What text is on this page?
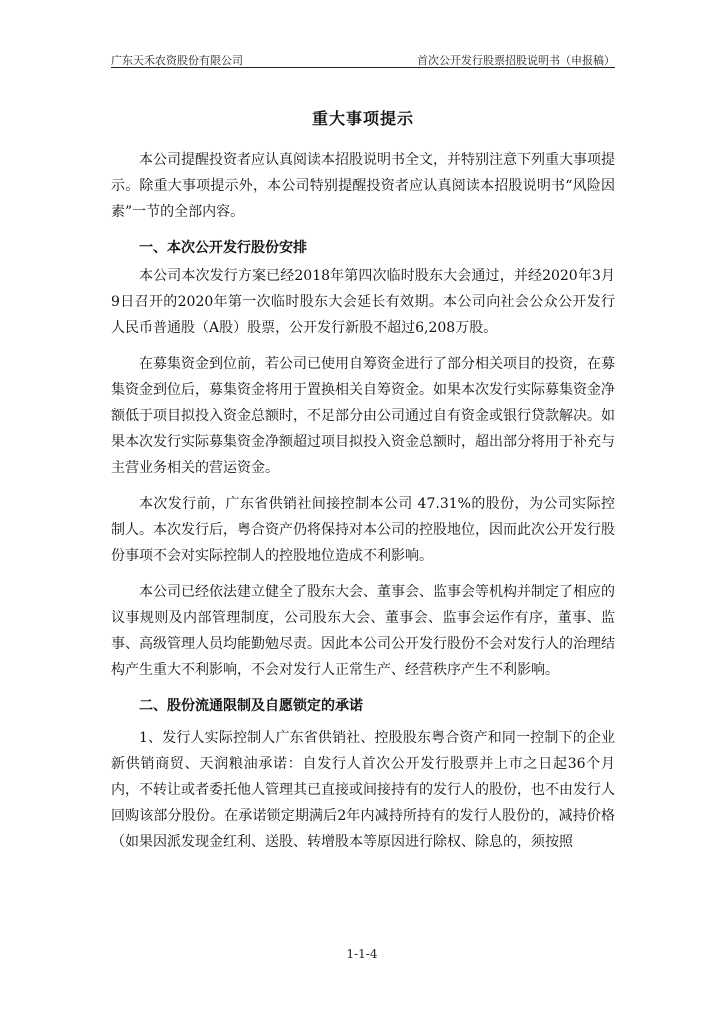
广东天禾农资股份有限公司	首次公开发行股票招股说明书（申报稿）
重大事项提示

本公司提醒投资者应认真阅读本招股说明书全文，并特别注意下列重大事项提示。除重大事项提示外，本公司特别提醒投资者应认真阅读本招股说明书“风险因素”一节的全部内容。

一、本次公开发行股份安排

本公司本次发行方案已经2018年第四次临时股东大会通过，并经2020年3月9日召开的2020年第一次临时股东大会延长有效期。本公司向社会公众公开发行人民币普通股（A股）股票，公开发行新股不超过6,208万股。

在募集资金到位前，若公司已使用自筹资金进行了部分相关项目的投资，在募集资金到位后，募集资金将用于置换相关自筹资金。如果本次发行实际募集资金净额低于项目拟投入资金总额时，不足部分由公司通过自有资金或银行贷款解决。如果本次发行实际募集资金净额超过项目拟投入资金总额时，超出部分将用于补充与主营业务相关的营运资金。

本次发行前，广东省供销社间接控制本公司 47.31%的股份，为公司实际控制人。本次发行后，粤合资产仍将保持对本公司的控股地位，因而此次公开发行股份事项不会对实际控制人的控股地位造成不利影响。

本公司已经依法建立健全了股东大会、董事会、监事会等机构并制定了相应的议事规则及内部管理制度，公司股东大会、董事会、监事会运作有序，董事、监事、高级管理人员均能勤勉尽责。因此本公司公开发行股份不会对发行人的治理结构产生重大不利影响，不会对发行人正常生产、经营秩序产生不利影响。

二、股份流通限制及自愿锁定的承诺

1、发行人实际控制人广东省供销社、控股股东粤合资产和同一控制下的企业新供销商贸、天润粮油承诺：自发行人首次公开发行股票并上市之日起36个月内，不转让或者委托他人管理其已直接或间接持有的发行人的股份，也不由发行人回购该部分股份。在承诺锁定期满后2年内减持所持有的发行人股份的，减持价格（如果因派发现金红利、送股、转增股本等原因进行除权、除息的，须按照

1-1-4
